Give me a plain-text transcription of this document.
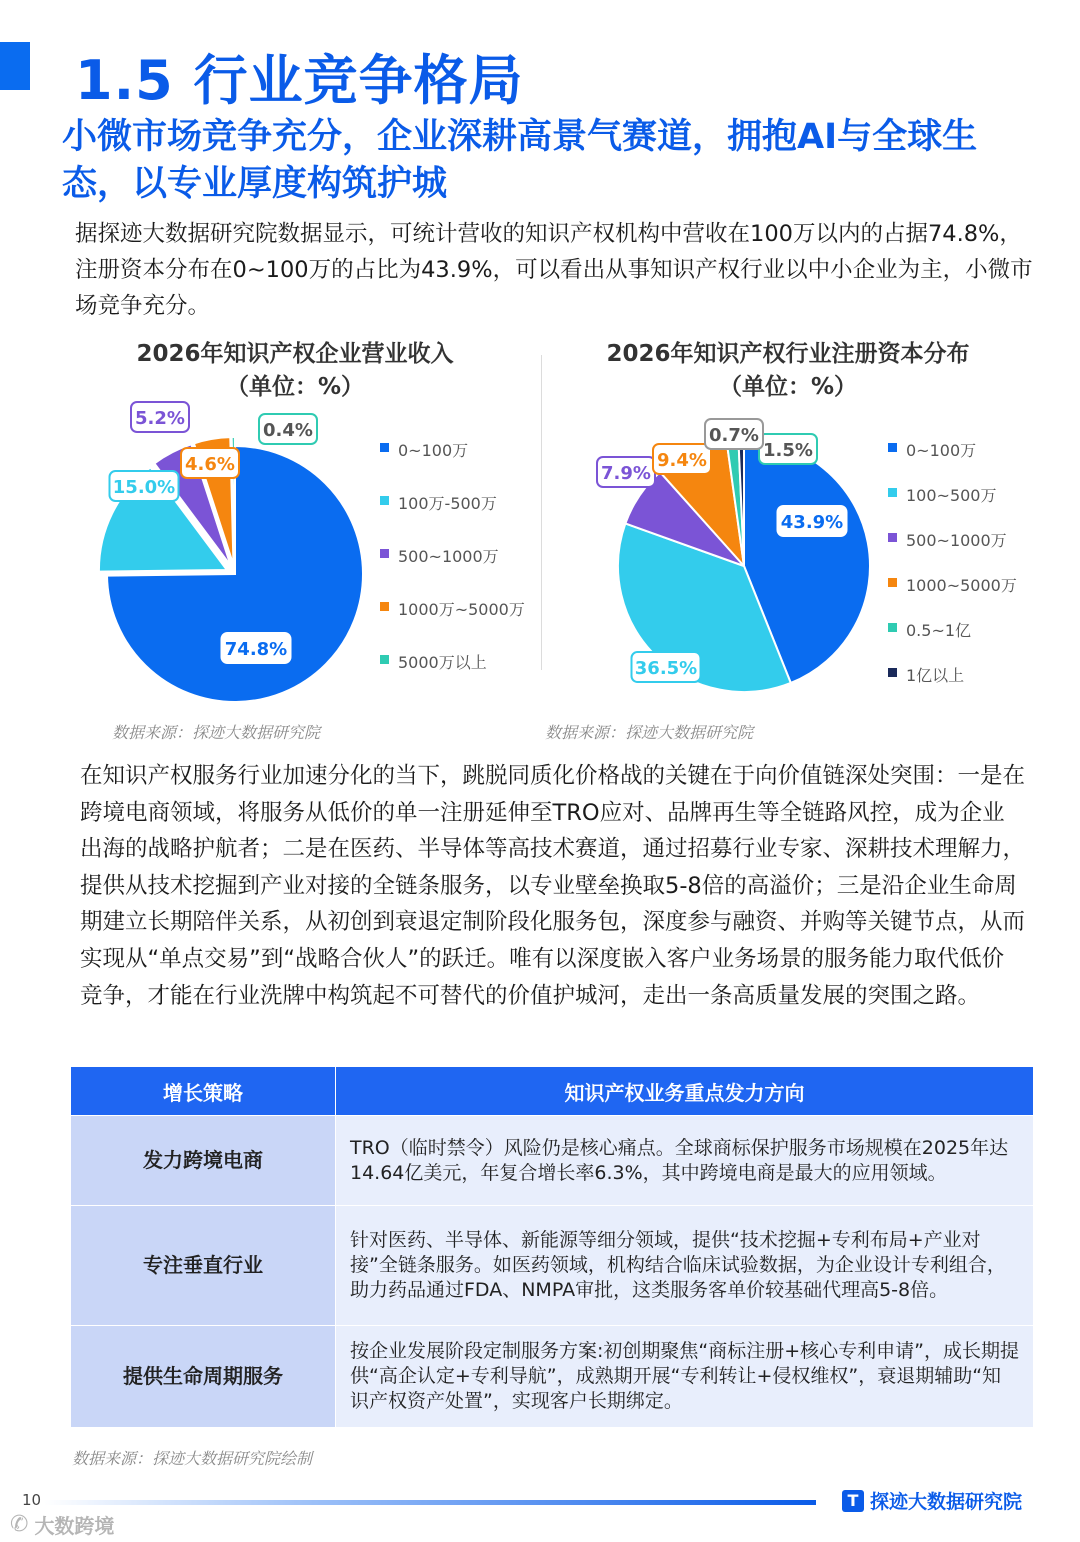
1.5 行业竞争格局
小微市场竞争充分，企业深耕高景气赛道，拥抱AI与全球生态，以专业厚度构筑护城
据探迹大数据研究院数据显示，可统计营收的知识产权机构中营收在100万以内的占据74.8%，注册资本分布在0~100万的占比为43.9%，可以看出从事知识产权行业以中小企业为主，小微市场竞争充分。
2026年知识产权企业营业收入
（单位：%）
74.8%
15.0%
5.2%
4.6%
0.4%
0~100万
100万-500万
500~1000万
1000万~5000万
5000万以上
数据来源：探迹大数据研究院
2026年知识产权行业注册资本分布
（单位：%）
43.9%
36.5%
7.9%
9.4%	1.5%
0.7%
0~100万
100~500万
500~1000万
1000~5000万
0.5~1亿
1亿以上
数据来源：探迹大数据研究院
在知识产权服务行业加速分化的当下，跳脱同质化价格战的关键在于向价值链深处突围：一是在跨境电商领域，将服务从低价的单一注册延伸至TRO应对、品牌再生等全链路风控，成为企业出海的战略护航者；二是在医药、半导体等高技术赛道，通过招募行业专家、深耕技术理解力，提供从技术挖掘到产业对接的全链条服务，以专业壁垒换取5-8倍的高溢价；三是沿企业生命周期建立长期陪伴关系，从初创到衰退定制阶段化服务包，深度参与融资、并购等关键节点，从而实现从“单点交易”到“战略合伙人”的跃迁。唯有以深度嵌入客户业务场景的服务能力取代低价竞争，才能在行业洗牌中构筑起不可替代的价值护城河，走出一条高质量发展的突围之路。
增长策略	知识产权业务重点发力方向
发力跨境电商	TRO（临时禁令）风险仍是核心痛点。全球商标保护服务市场规模在2025年达14.64亿美元，年复合增长率6.3%，其中跨境电商是最大的应用领域。
专注垂直行业	针对医药、半导体、新能源等细分领域，提供“技术挖掘+专利布局+产业对接”全链条服务。如医药领域，机构结合临床试验数据，为企业设计专利组合，助力药品通过FDA、NMPA审批，这类服务客单价较基础代理高5-8倍。
提供生命周期服务	按企业发展阶段定制服务方案:初创期聚焦“商标注册+核心专利申请”，成长期提供“高企认定+专利导航”，成熟期开展“专利转让+侵权维权”，衰退期辅助“知识产权资产处置”，实现客户长期绑定。
数据来源：探迹大数据研究院绘制
10	T 探迹大数据研究院
✆ 大数跨境
